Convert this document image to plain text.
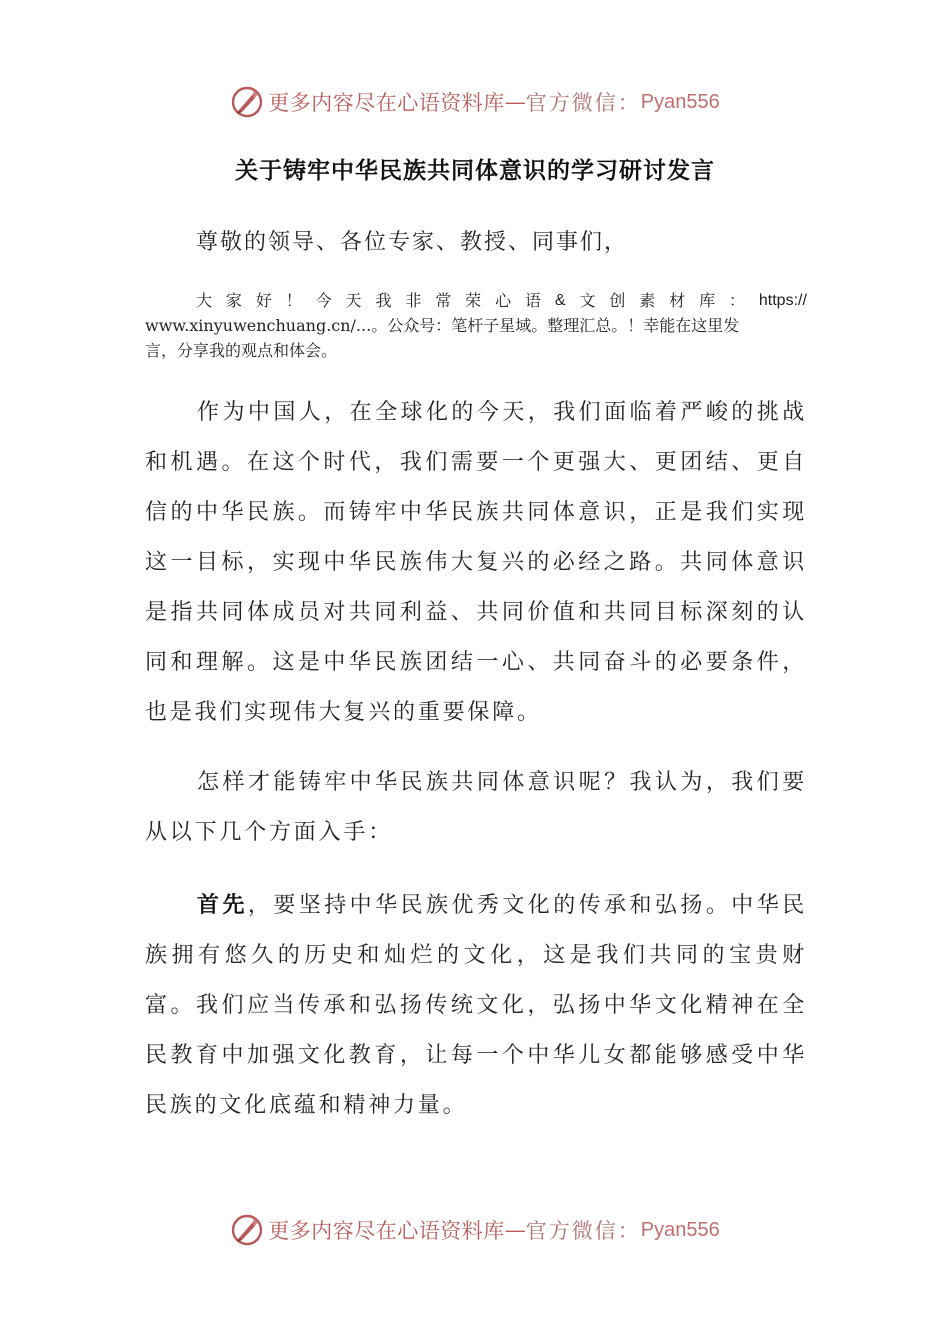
更多内容尽在心语资料库 — 官方微信： Pyan556
关于铸牢中华民族共同体意识的学习研讨发言
尊敬的领导、各位专家、教授、同事们，
大 家 好 ！ 今 天 我 非 常 荣 心 语 & 文 创 素 材 库 ： https://
www.xinyuwenchuang.cn/...。公众号：笔杆子星域。整理汇总。！幸能在这里发
言，分享我的观点和体会。
作为中国人，在全球化的今天，我们面临着严峻的挑战和机遇。在这个时代，我们需要一个更强大、更团结、更自信的中华民族。而铸牢中华民族共同体意识，正是我们实现这一目标，实现中华民族伟大复兴的必经之路。共同体意识是指共同体成员对共同利益、共同价值和共同目标深刻的认同和理解。这是中华民族团结一心、共同奋斗的必要条件，也是我们实现伟大复兴的重要保障。
怎样才能铸牢中华民族共同体意识呢？我认为，我们要从以下几个方面入手：
首先，要坚持中华民族优秀文化的传承和弘扬。中华民族拥有悠久的历史和灿烂的文化，这是我们共同的宝贵财富。我们应当传承和弘扬传统文化，弘扬中华文化精神在全民教育中加强文化教育，让每一个中华儿女都能够感受中华民族的文化底蕴和精神力量。
更多内容尽在心语资料库 — 官方微信： Pyan556
